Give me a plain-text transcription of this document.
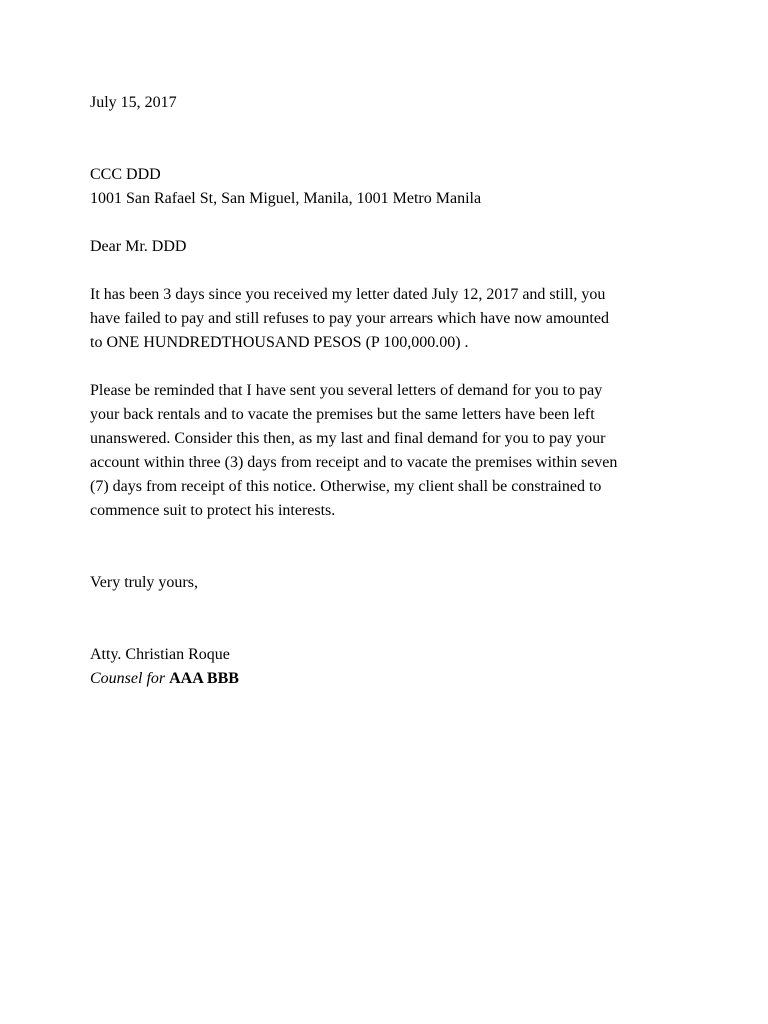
July 15, 2017
CCC DDD
1001 San Rafael St, San Miguel, Manila, 1001 Metro Manila
Dear Mr. DDD
It has been 3 days since you received my letter dated July 12, 2017 and still, you
have failed to pay and still refuses to pay your arrears which have now amounted
to ONE HUNDREDTHOUSAND PESOS (P 100,000.00) .
Please be reminded that I have sent you several letters of demand for you to pay
your back rentals and to vacate the premises but the same letters have been left
unanswered. Consider this then, as my last and final demand for you to pay your
account within three (3) days from receipt and to vacate the premises within seven
(7) days from receipt of this notice. Otherwise, my client shall be constrained to
commence suit to protect his interests.
Very truly yours,
Atty. Christian Roque
Counsel for AAA BBB
